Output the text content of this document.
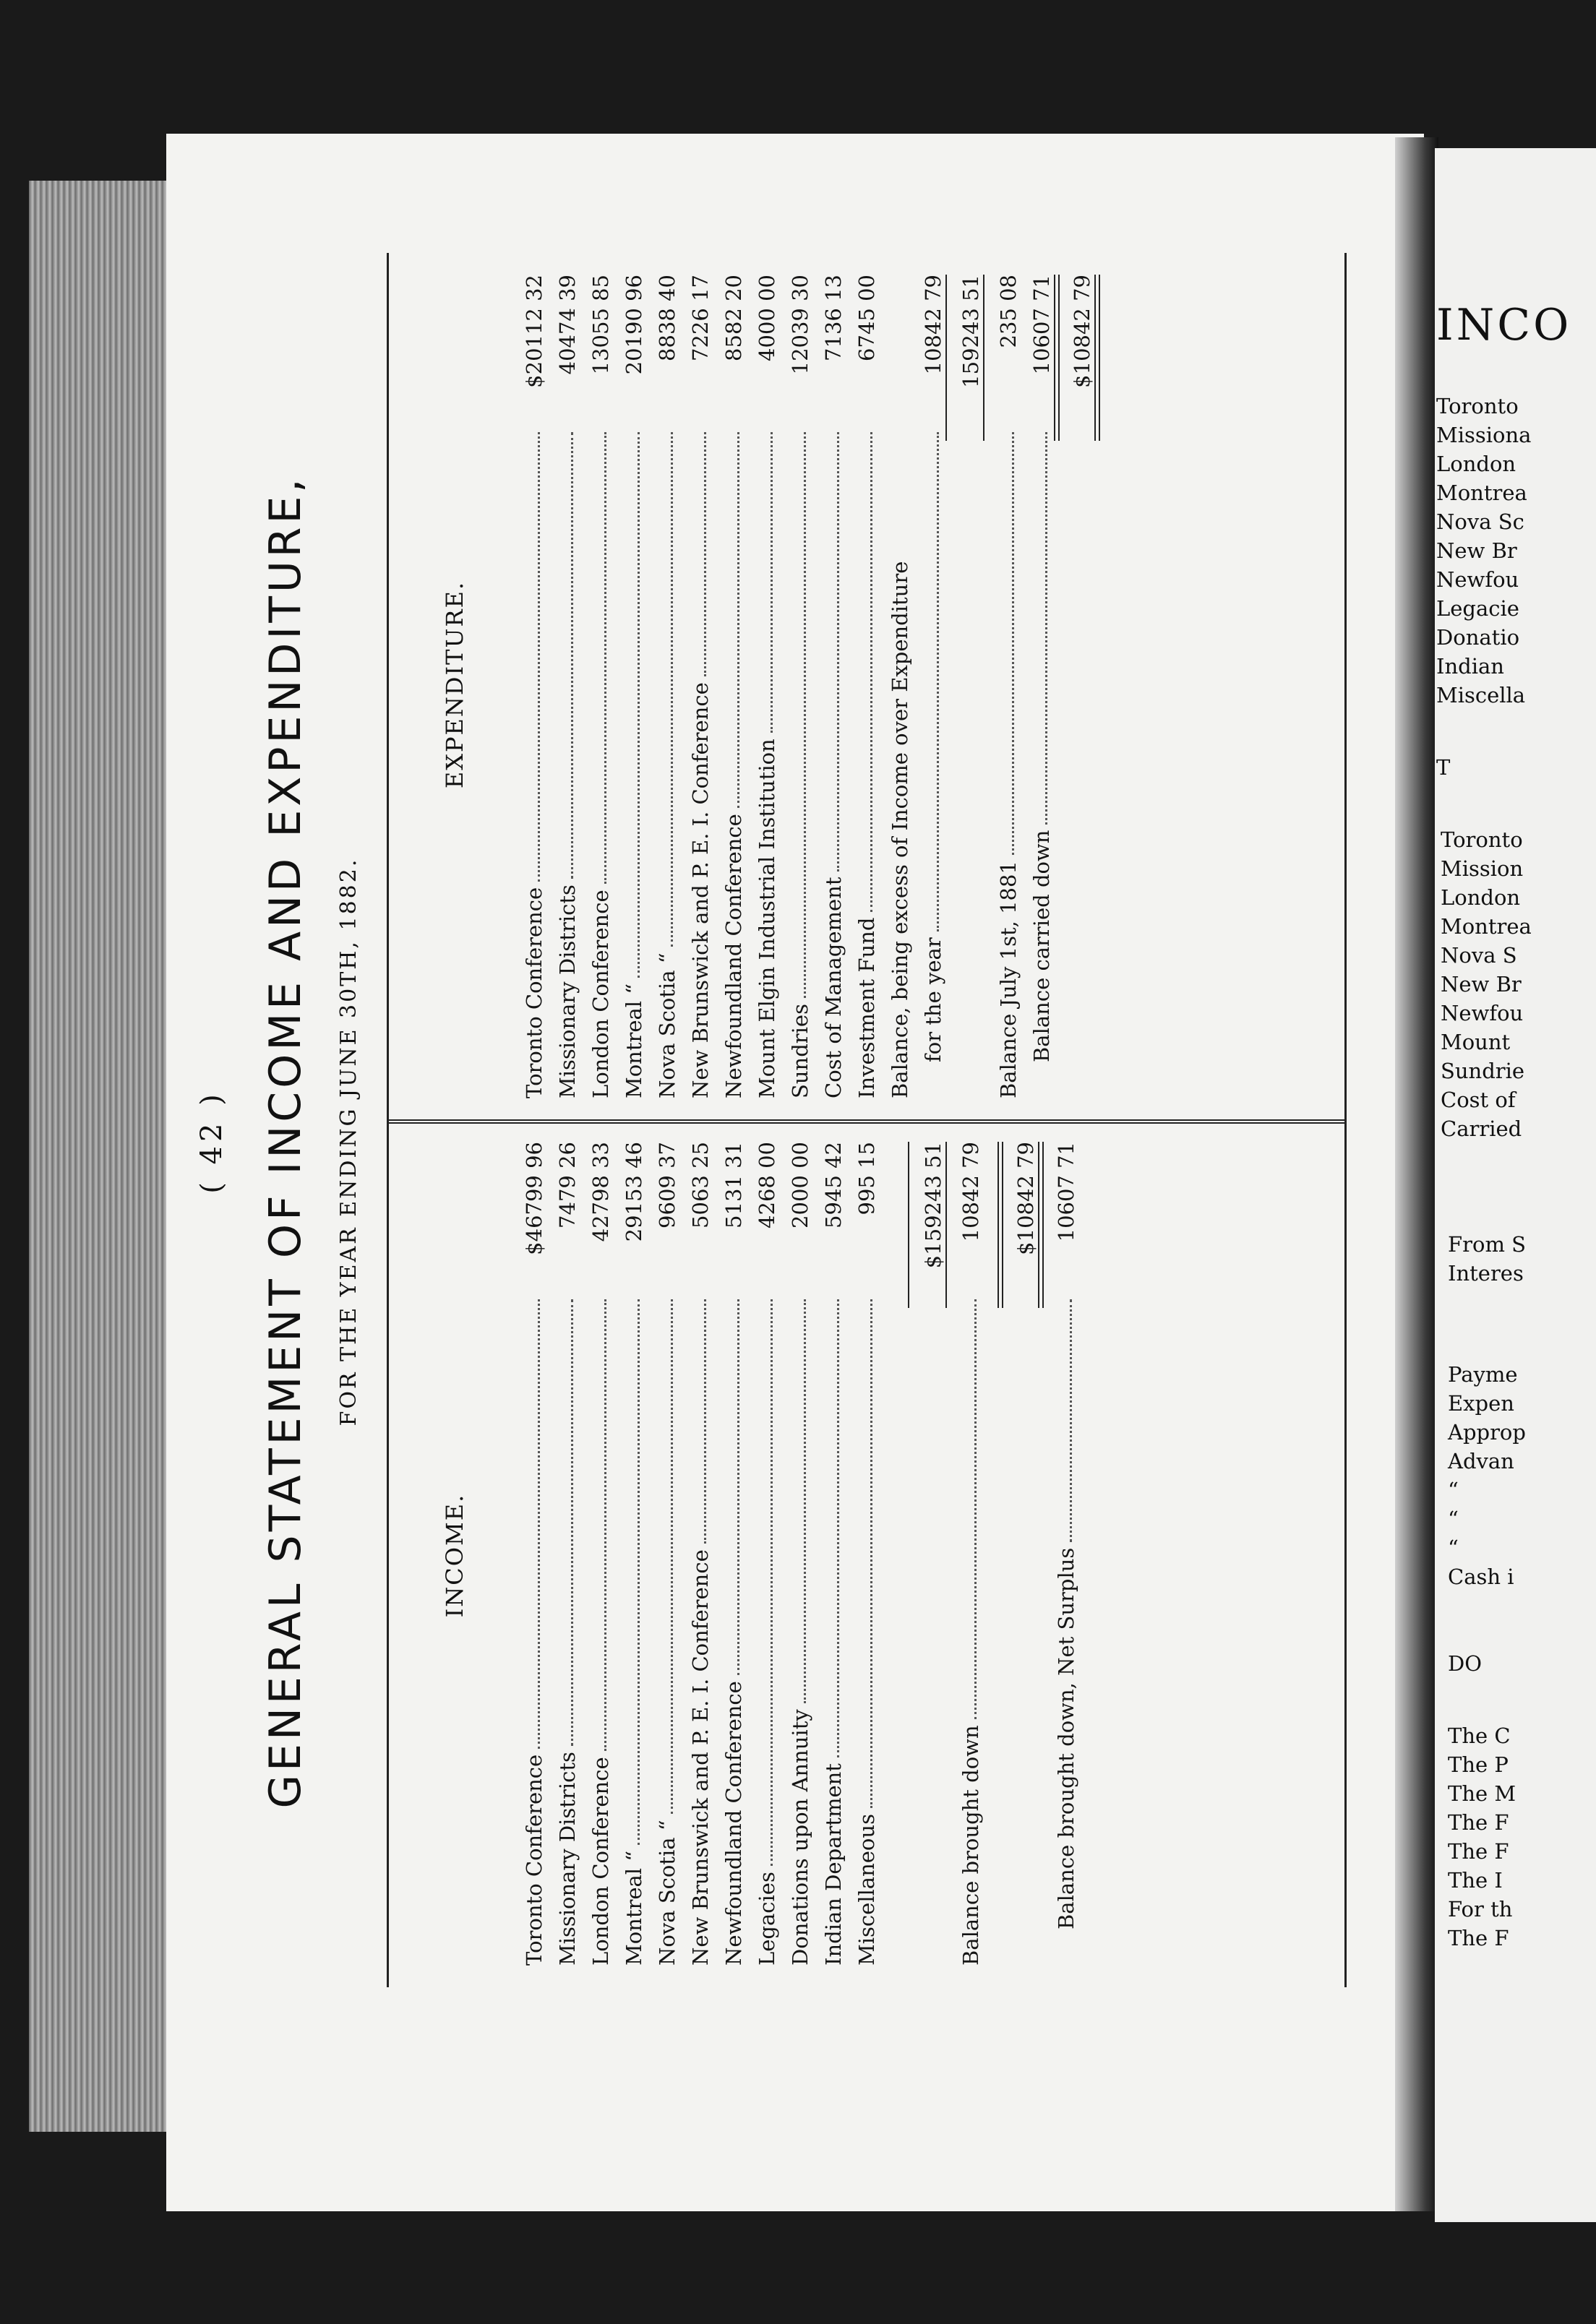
INCO
Toronto
Missiona
London
Montrea
Nova Sc
New Br
Newfou
Legacie
Donatio
Indian
Miscella
T
Toronto
Mission
London
Montrea
Nova S
New Br
Newfou
Mount
Sundrie
Cost of
Carried
From S
Interes
Payme
Expen
Approp
Advan
“
“
“
Cash i
DO
The C
The P
The M
The F
The F
The I
For th
The F
( 42 ) GENERAL STATEMENT OF INCOME AND EXPENDITURE, FOR THE YEAR ENDING JUNE 30TH, 1882.
INCOME.
EXPENDITURE.
Toronto Conference
$46799 96
Missionary Districts
7479 26
London Conference
42798 33
Montreal “
29153 46
Nova Scotia “
9609 37
New Brunswick and P. E. I. Conference
5063 25
Newfoundland Conference
5131 31
Legacies
4268 00
Donations upon Annuity
2000 00
Indian Department
5945 42
Miscellaneous
995 15 $159243 51
Balance brought down
10842 79 $10842 79
Balance brought down, Net Surplus
10607 71
Toronto Conference
$20112 32
Missionary Districts
40474 39
London Conference
13055 85
Montreal “
20190 96
Nova Scotia “
8838 40
New Brunswick and P. E. I. Conference
7226 17
Newfoundland Conference
8582 20
Mount Elgin Industrial Institution
4000 00
Sundries
12039 30
Cost of Management
7136 13
Investment Fund
6745 00
Balance, being excess of Income over Expenditure for the year
10842 79 159243 51
Balance July 1st, 1881
235 08
Balance carried down
10607 71 $10842 79
